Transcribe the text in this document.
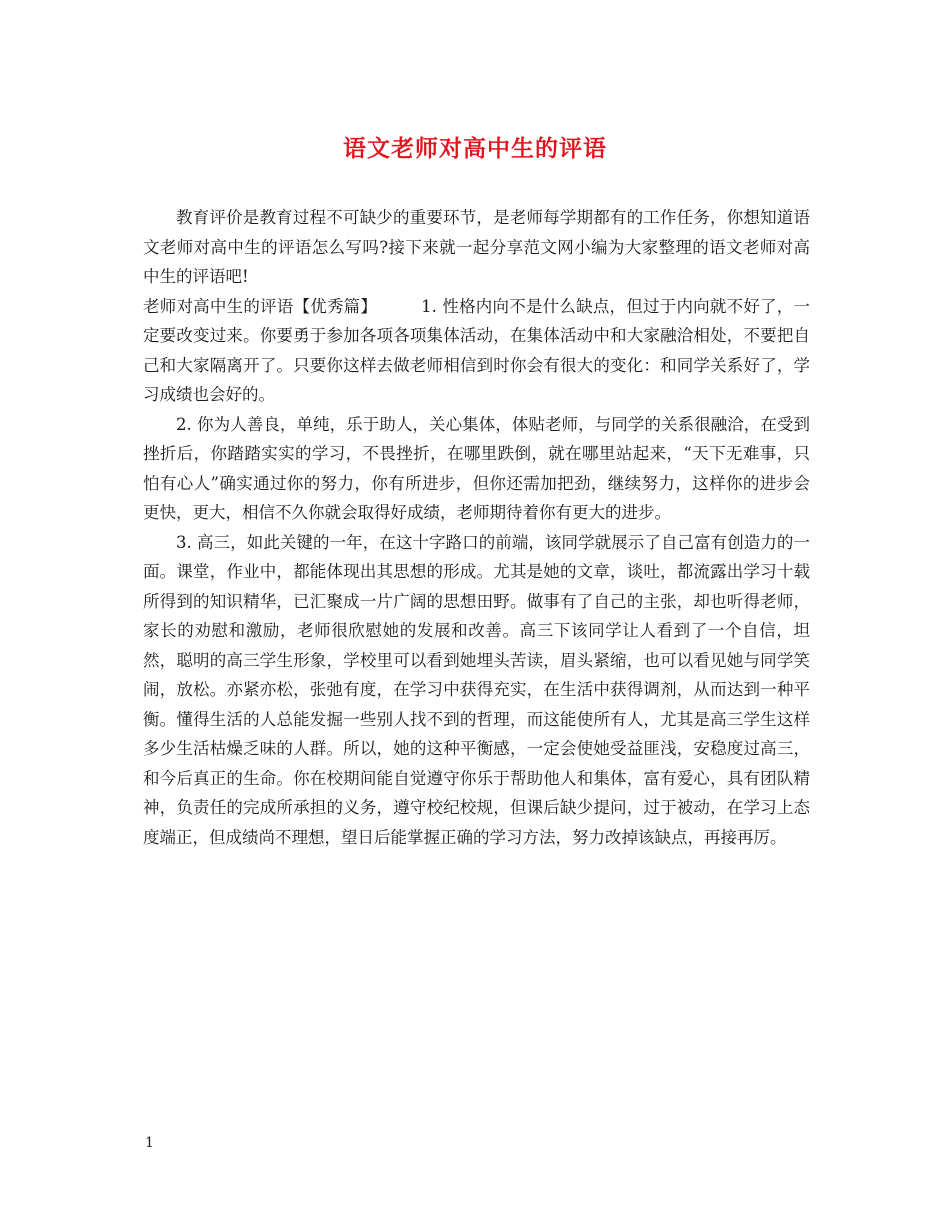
语文老师对高中生的评语

教育评价是教育过程不可缺少的重要环节，是老师每学期都有的工作任务，你想知道语文老师对高中生的评语怎么写吗?接下来就一起分享范文网小编为大家整理的语文老师对高中生的评语吧!

老师对高中生的评语【优秀篇】	1. 性格内向不是什么缺点，但过于内向就不好了，一定要改变过来。你要勇于参加各项各项集体活动，在集体活动中和大家融洽相处，不要把自己和大家隔离开了。只要你这样去做老师相信到时你会有很大的变化：和同学关系好了，学习成绩也会好的。

2. 你为人善良，单纯，乐于助人，关心集体，体贴老师，与同学的关系很融洽，在受到挫折后，你踏踏实实的学习，不畏挫折，在哪里跌倒，就在哪里站起来，“天下无难事，只怕有心人”确实通过你的努力，你有所进步，但你还需加把劲，继续努力，这样你的进步会更快，更大，相信不久你就会取得好成绩，老师期待着你有更大的进步。

3. 高三，如此关键的一年，在这十字路口的前端，该同学就展示了自己富有创造力的一面。课堂，作业中，都能体现出其思想的形成。尤其是她的文章，谈吐，都流露出学习十载所得到的知识精华，已汇聚成一片广阔的思想田野。做事有了自己的主张，却也听得老师，家长的劝慰和激励，老师很欣慰她的发展和改善。高三下该同学让人看到了一个自信，坦然，聪明的高三学生形象，学校里可以看到她埋头苦读，眉头紧缩，也可以看见她与同学笑闹，放松。亦紧亦松，张弛有度，在学习中获得充实，在生活中获得调剂，从而达到一种平衡。懂得生活的人总能发掘一些别人找不到的哲理，而这能使所有人，尤其是高三学生这样多少生活枯燥乏味的人群。所以，她的这种平衡感，一定会使她受益匪浅，安稳度过高三，和今后真正的生命。你在校期间能自觉遵守你乐于帮助他人和集体，富有爱心，具有团队精神，负责任的完成所承担的义务，遵守校纪校规，但课后缺少提问，过于被动，在学习上态度端正，但成绩尚不理想，望日后能掌握正确的学习方法，努力改掉该缺点，再接再厉。

1
